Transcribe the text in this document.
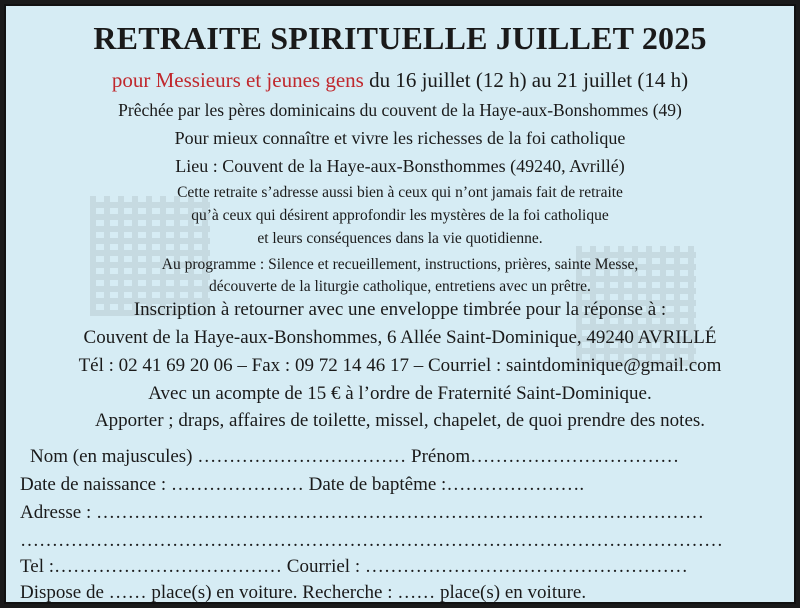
RETRAITE SPIRITUELLE JUILLET 2025
pour Messieurs et jeunes gens du 16 juillet (12 h) au 21 juillet (14 h)
Prêchée par les pères dominicains du couvent de la Haye-aux-Bonshommes (49)
Pour mieux connaître et vivre les richesses de la foi catholique
Lieu : Couvent de la Haye-aux-Bonsthommes (49240, Avrillé)
Cette retraite s’adresse aussi bien à ceux qui n’ont jamais fait de retraite
qu’à ceux qui désirent approfondir les mystères de la foi catholique
et leurs conséquences dans la vie quotidienne.
Au programme : Silence et recueillement, instructions, prières, sainte Messe,
découverte de la liturgie catholique, entretiens avec un prêtre.
Inscription à retourner avec une enveloppe timbrée pour la réponse à :
Couvent de la Haye-aux-Bonshommes, 6 Allée Saint-Dominique, 49240 AVRILLÉ
Tél : 02 41 69 20 06 – Fax : 09 72 14 46 17 – Courriel : saintdominique@gmail.com
Avec un acompte de 15 € à l’ordre de Fraternité Saint-Dominique.
Apporter ; draps, affaires de toilette, missel, chapelet, de quoi prendre des notes.
Nom (en majuscules) …………………………… Prénom……………………………
Date de naissance : ………………… Date de baptême :………………….
Adresse : ……………………………………………………………………………………
…………………………………………………………………………………………………
Tel :……………………………… Courriel : ……………………………………………
Dispose de …… place(s) en voiture. Recherche : …… place(s) en voiture.
